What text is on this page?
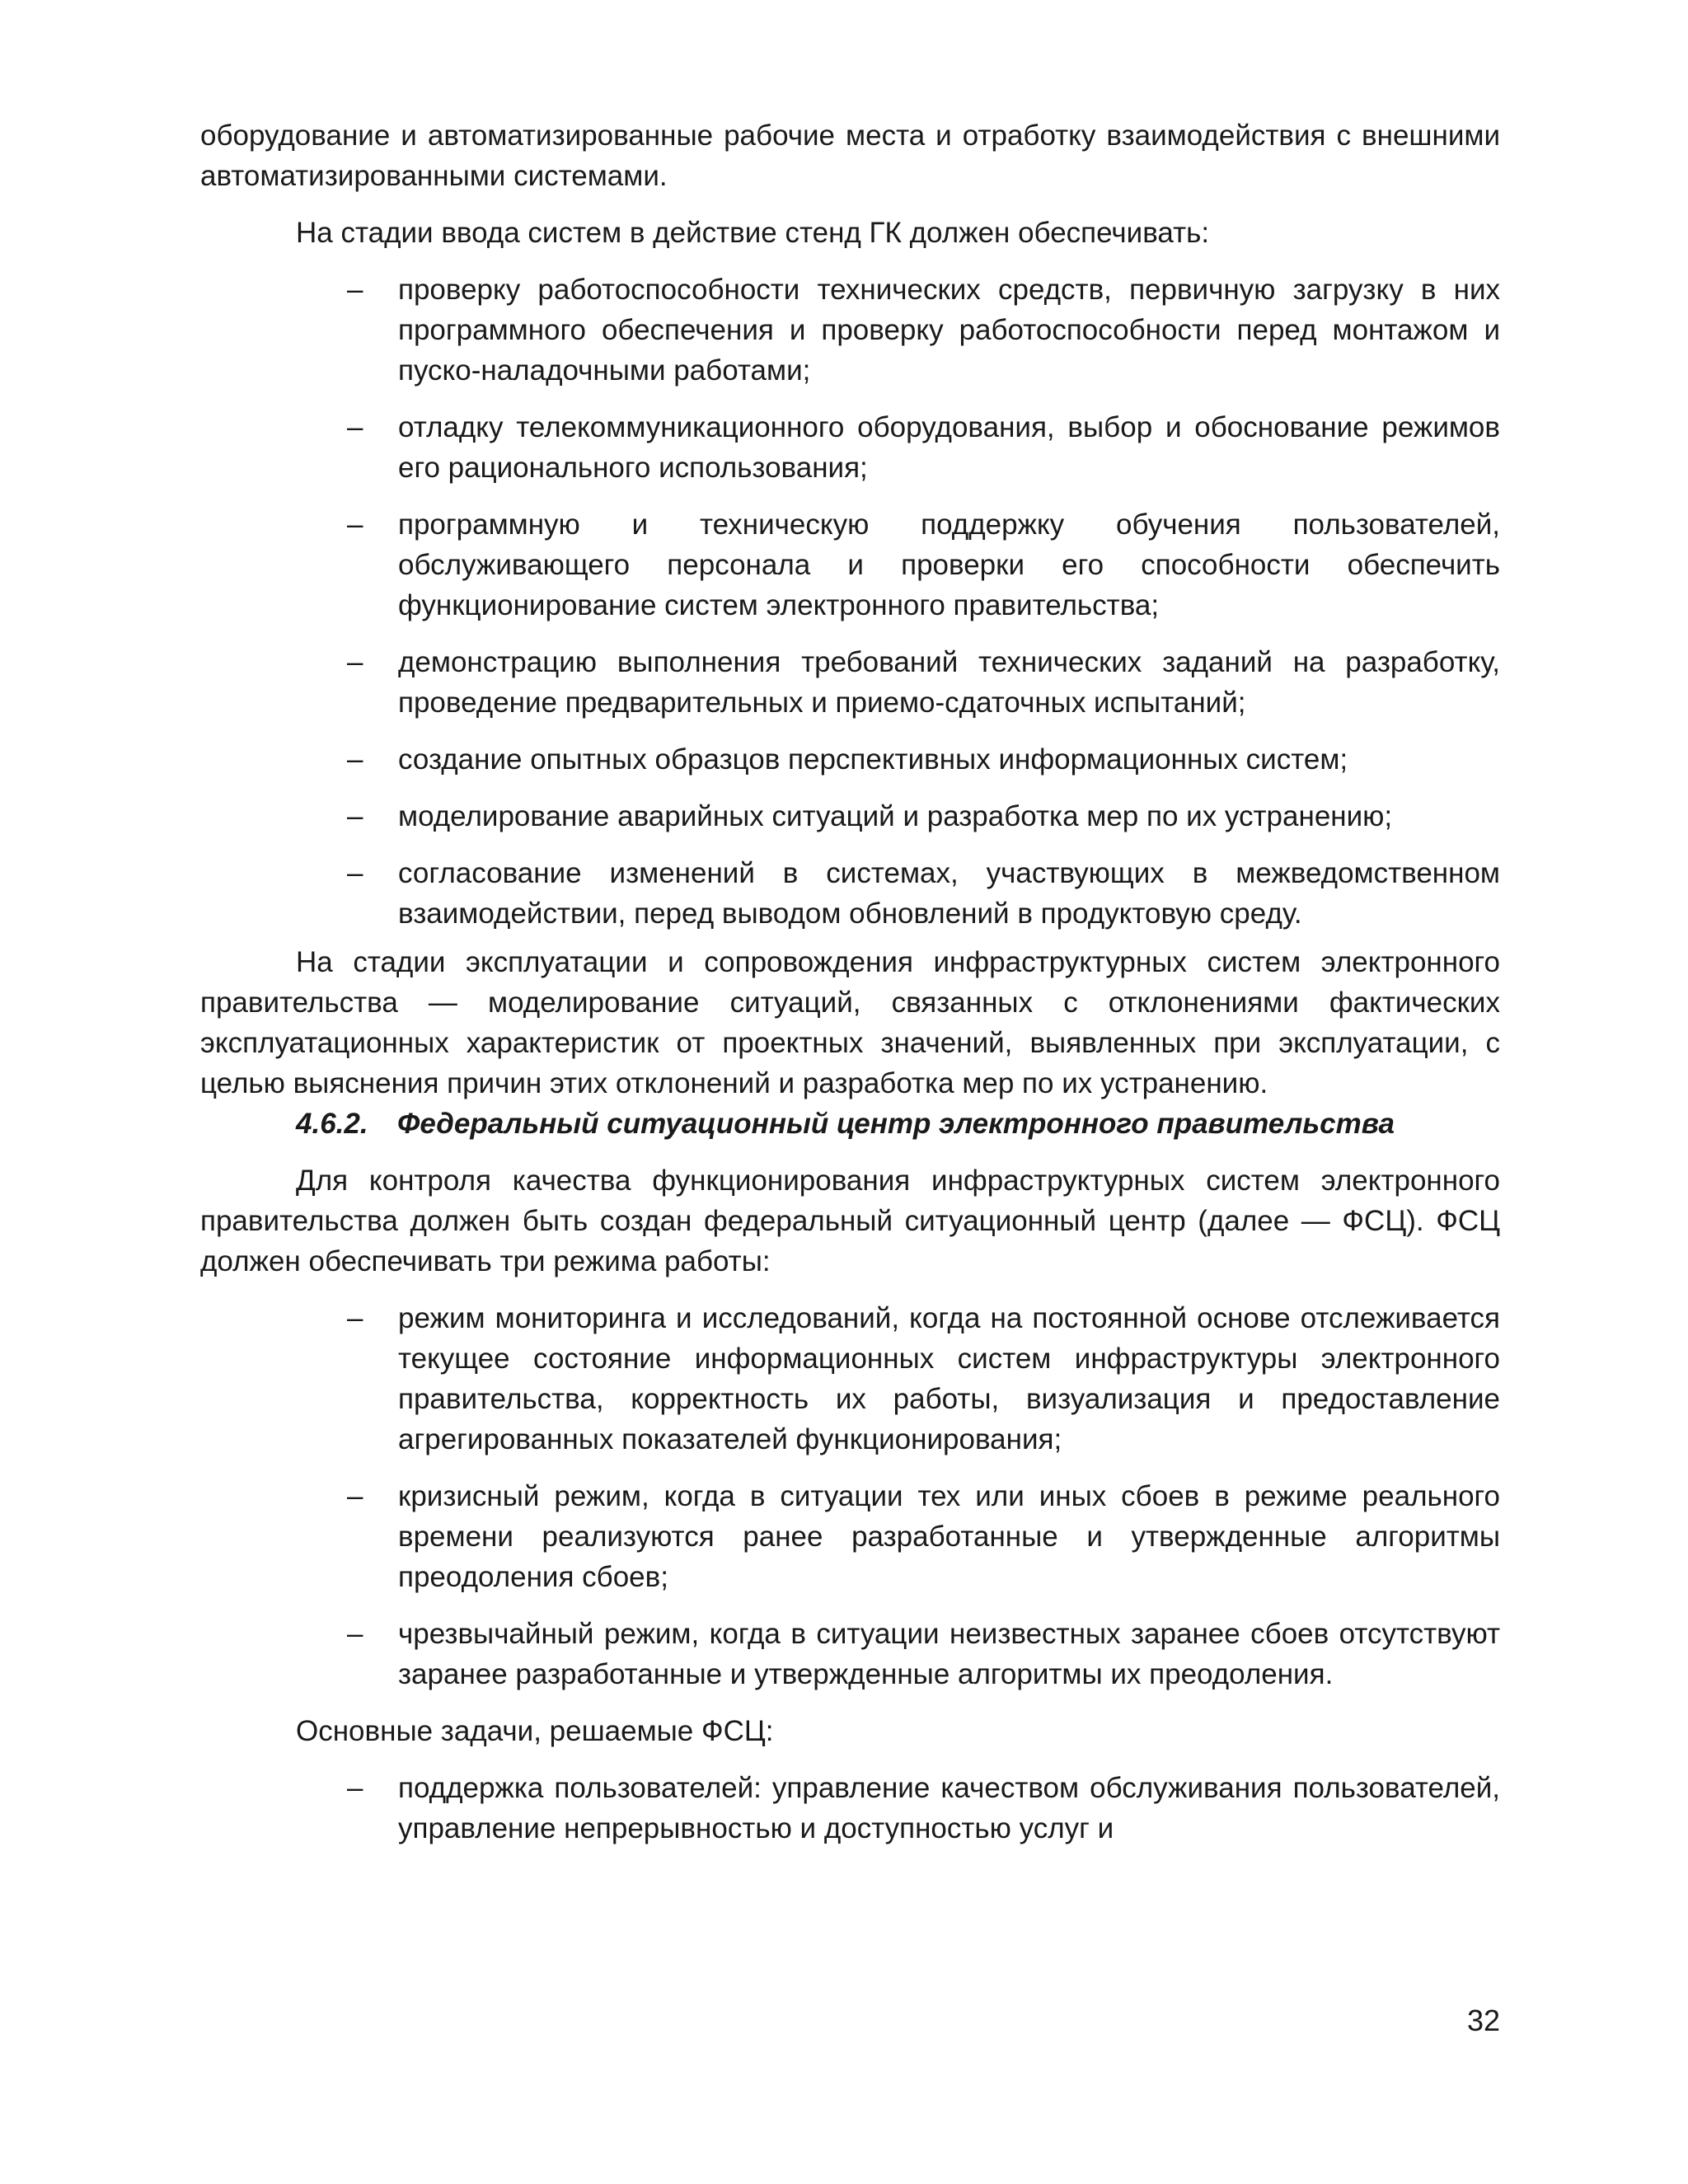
оборудование и автоматизированные рабочие места и отработку взаимодействия с внешними автоматизированными системами.

На стадии ввода систем в действие стенд ГК должен обеспечивать:

–	проверку работоспособности технических средств, первичную загрузку в них программного обеспечения и проверку работоспособности перед монтажом и пуско-наладочными работами;
–	отладку телекоммуникационного оборудования, выбор и обоснование режимов его рационального использования;
–	программную и техническую поддержку обучения пользователей, обслуживающего персонала и проверки его способности обеспечить функционирование систем электронного правительства;
–	демонстрацию выполнения требований технических заданий на разработку, проведение предварительных и приемо-сдаточных испытаний;
–	создание опытных образцов перспективных информационных систем;
–	моделирование аварийных ситуаций и разработка мер по их устранению;
–	согласование изменений в системах, участвующих в межведомственном взаимодействии, перед выводом обновлений в продуктовую среду.

На стадии эксплуатации и сопровождения инфраструктурных систем электронного правительства — моделирование ситуаций, связанных с отклонениями фактических эксплуатационных характеристик от проектных значений, выявленных при эксплуатации, с целью выяснения причин этих отклонений и разработка мер по их устранению.

4.6.2. Федеральный ситуационный центр электронного правительства

Для контроля качества функционирования инфраструктурных систем электронного правительства должен быть создан федеральный ситуационный центр (далее — ФСЦ). ФСЦ должен обеспечивать три режима работы:

–	режим мониторинга и исследований, когда на постоянной основе отслеживается текущее состояние информационных систем инфраструктуры электронного правительства, корректность их работы, визуализация и предоставление агрегированных показателей функционирования;
–	кризисный режим, когда в ситуации тех или иных сбоев в режиме реального времени реализуются ранее разработанные и утвержденные алгоритмы преодоления сбоев;
–	чрезвычайный режим, когда в ситуации неизвестных заранее сбоев отсутствуют заранее разработанные и утвержденные алгоритмы их преодоления.

Основные задачи, решаемые ФСЦ:

–	поддержка пользователей: управление качеством обслуживания пользователей, управление непрерывностью и доступностью услуг и
32
